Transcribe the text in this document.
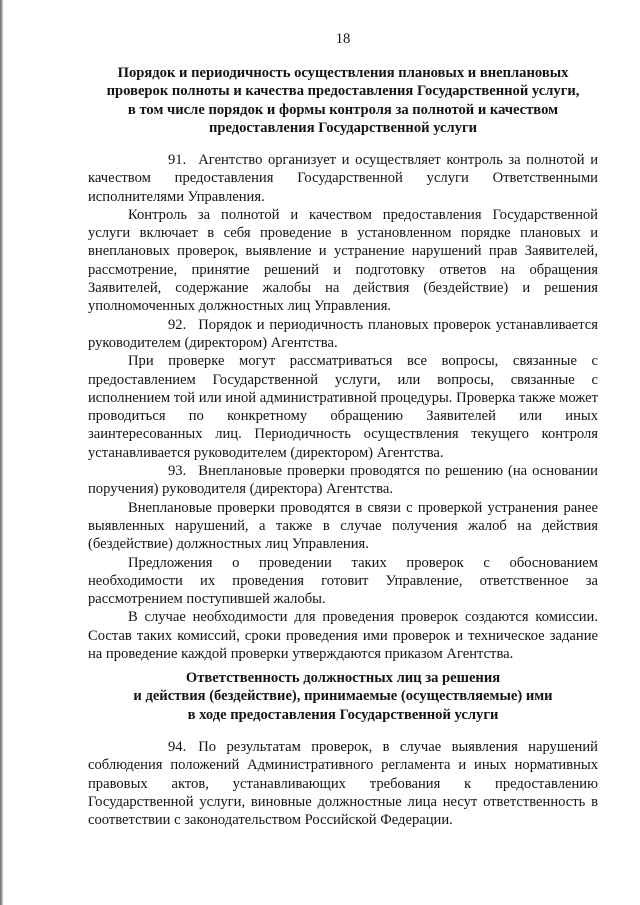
18
Порядок и периодичность осуществления плановых и внеплановых
проверок полноты и качества предоставления Государственной услуги,
в том числе порядок и формы контроля за полнотой и качеством
предоставления Государственной услуги

91. Агентство организует и осуществляет контроль за полнотой и качеством предоставления Государственной услуги Ответственными исполнителями Управления.

Контроль за полнотой и качеством предоставления Государственной услуги включает в себя проведение в установленном порядке плановых и внеплановых проверок, выявление и устранение нарушений прав Заявителей, рассмотрение, принятие решений и подготовку ответов на обращения Заявителей, содержание жалобы на действия (бездействие) и решения уполномоченных должностных лиц Управления.

92. Порядок и периодичность плановых проверок устанавливается руководителем (директором) Агентства.

При проверке могут рассматриваться все вопросы, связанные с предоставлением Государственной услуги, или вопросы, связанные с исполнением той или иной административной процедуры. Проверка также может проводиться по конкретному обращению Заявителей или иных заинтересованных лиц. Периодичность осуществления текущего контроля устанавливается руководителем (директором) Агентства.

93. Внеплановые проверки проводятся по решению (на основании поручения) руководителя (директора) Агентства.

Внеплановые проверки проводятся в связи с проверкой устранения ранее выявленных нарушений, а также в случае получения жалоб на действия (бездействие) должностных лиц Управления.

Предложения о проведении таких проверок с обоснованием необходимости их проведения готовит Управление, ответственное за рассмотрением поступившей жалобы.

В случае необходимости для проведения проверок создаются комиссии. Состав таких комиссий, сроки проведения ими проверок и техническое задание на проведение каждой проверки утверждаются приказом Агентства.

Ответственность должностных лиц за решения
и действия (бездействие), принимаемые (осуществляемые) ими
в ходе предоставления Государственной услуги

94. По результатам проверок, в случае выявления нарушений соблюдения положений Административного регламента и иных нормативных правовых актов, устанавливающих требования к предоставлению Государственной услуги, виновные должностные лица несут ответственность в соответствии с законодательством Российской Федерации.
